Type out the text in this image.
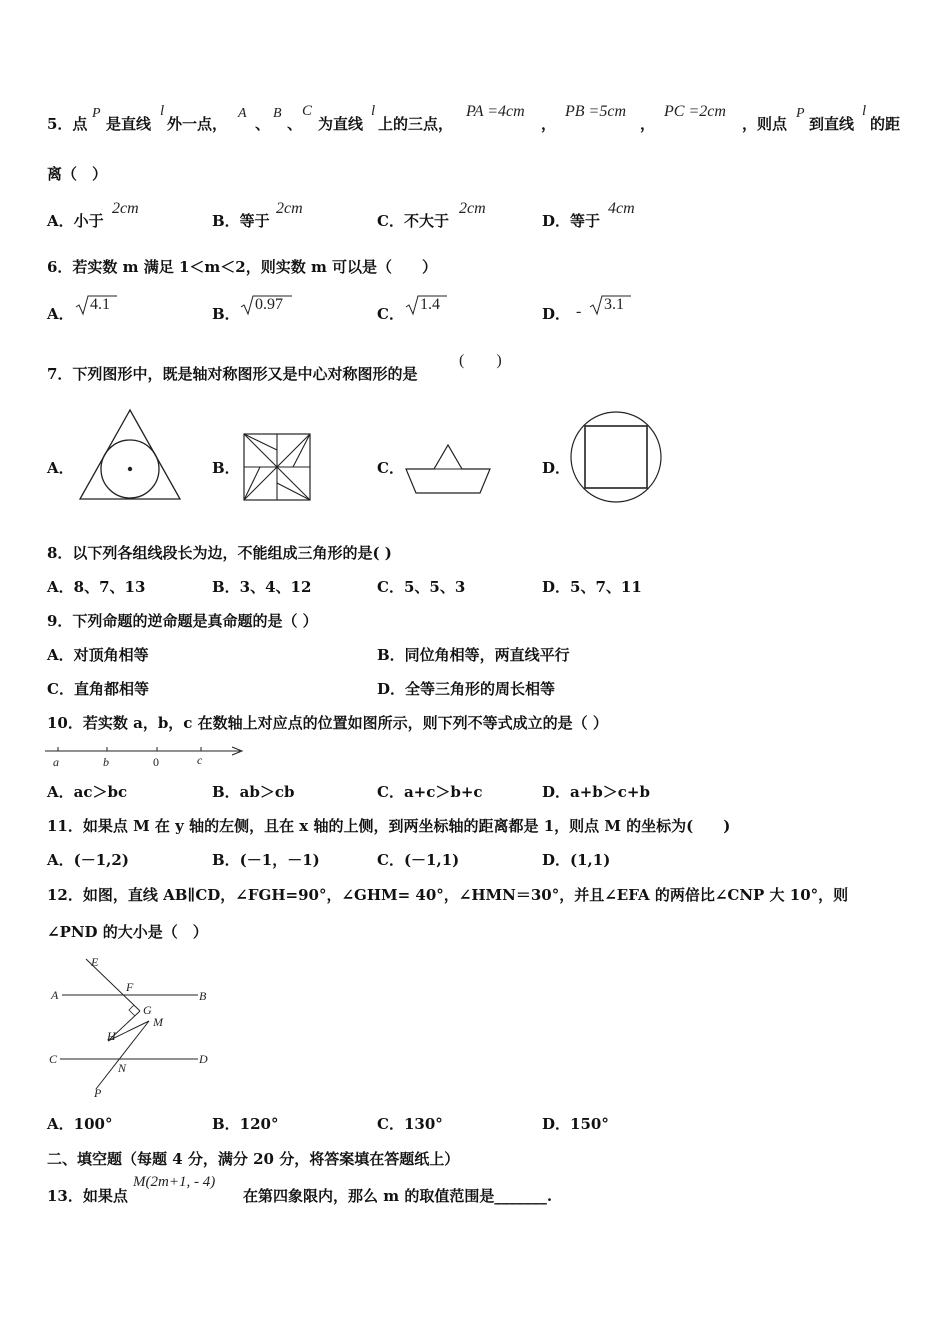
5．点
P
是直线
l
外一点，
A
、
B
、
C
为直线
l
上的三点，
PA =4cm
，
PB =5cm
，
PC =2cm
，则点
P
到直线
l
的距
离（　）
A．小于
2cm
B．等于
2cm
C．不大于
2cm
D．等于
4cm
6．若实数 m 满足 1＜m＜2，则实数 m 可以是（　　）
A．
4.1
B．
0.97
C．
1.4
D． - 3.1
7．下列图形中，既是轴对称图形又是中心对称图形的是
(　　)
A．	B．	C．	D．
8．以下列各组线段长为边，不能组成三角形的是( )
A．8、7、13	B．3、4、12	C．5、5、3	D．5、7、11
9．下列命题的逆命题是真命题的是（ ）
A．对顶角相等	B．同位角相等，两直线平行
C．直角都相等	D．全等三角形的周长相等
10．若实数 a，b，c 在数轴上对应点的位置如图所示，则下列不等式成立的是（ ）
a	b	0	c
A．ac＞bc	B．ab＞cb	C．a+c＞b+c	D．a+b＞c+b
11．如果点 M 在 y 轴的左侧，且在 x 轴的上侧，到两坐标轴的距离都是 1，则点 M 的坐标为(　　)
A．(－1,2)	B．(－1，－1)	C．(－1,1)	D．(1,1)
12．如图，直线 AB∥CD，∠FGH=90°，∠GHM= 40°，∠HMN＝30°，并且∠EFA 的两倍比∠CNP 大 10°，则
∠PND 的大小是（　）
E
A
F
B
G
M
H
C	D
N
P
A．100°	B．120°	C．130°	D．150°
二、填空题（每题 4 分，满分 20 分，将答案填在答题纸上）
13．如果点
M(2m+1, - 4)
在第四象限内，那么 m 的取值范围是_______.
